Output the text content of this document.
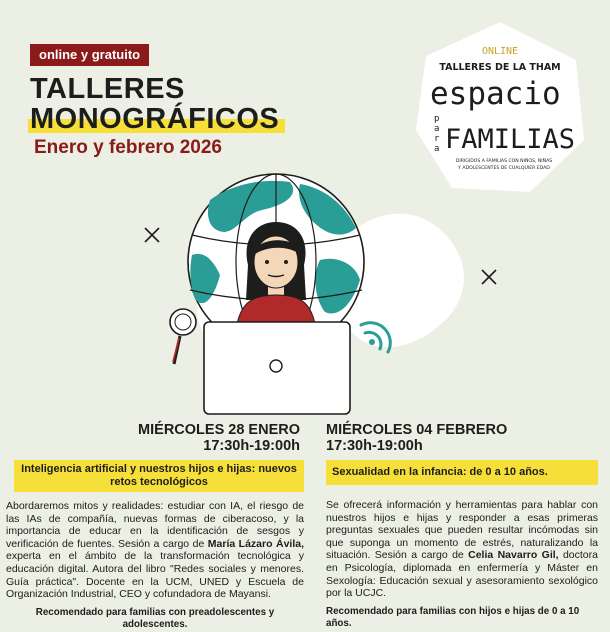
online y gratuito
TALLERES

MONOGRÁFICOS
Enero y febrero 2026
ONLINE
TALLERES DE LA THAM
espacio
p
a
r
a FAMILIAS
DIRIGIDOS A FAMILIAS CON NIÑOS, NIÑAS
Y ADOLESCENTES DE CUALQUIER EDAD
MIÉRCOLES 28 ENERO
17:30h-19:00h
Inteligencia artificial y nuestros hijos e hijas: nuevos retos tecnológicos
Abordaremos mitos y realidades: estudiar con IA, el riesgo de las IAs de compañía, nuevas formas de ciberacoso, y la importancia de educar en la identificación de sesgos y verificación de fuentes. Sesión a cargo de María Lázaro Ávila, experta en el ámbito de la transformación tecnológica y educación digital. Autora del libro "Redes sociales y menores. Guía práctica". Docente en la UCM, UNED y Escuela de Organización Industrial, CEO y cofundadora de Mayansi.
Recomendado para familias con preadolescentes y adolescentes.
MIÉRCOLES 04 FEBRERO
17:30h-19:00h
Sexualidad en la infancia: de 0 a 10 años.
Se ofrecerá información y herramientas para hablar con nuestros hijos e hijas y responder a esas primeras preguntas sexuales que pueden resultar incómodas sin que suponga un momento de estrés, naturalizando la situación. Sesión a cargo de Celia Navarro Gil, doctora en Psicología, diplomada en enfermería y Máster en Sexología: Educación sexual y asesoramiento sexológico por la UCJC.
Recomendado para familias con hijos e hijas de 0 a 10 años.
